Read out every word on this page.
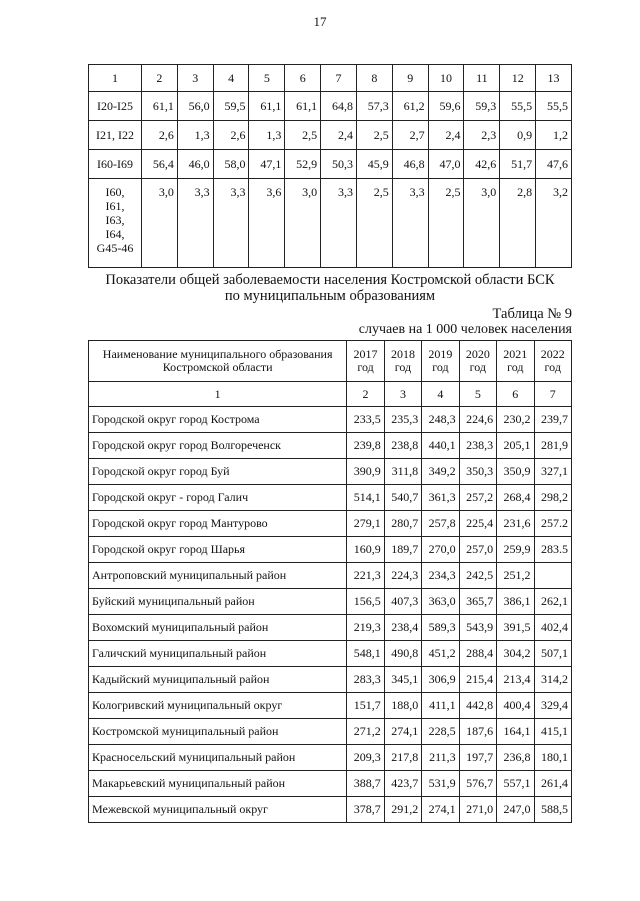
17
1	2	3	4	5	6	7	8	9	10	11	12	13
I20-I25	61,1	56,0	59,5	61,1	61,1	64,8	57,3	61,2	59,6	59,3	55,5	55,5
I21, I22	2,6	1,3	2,6	1,3	2,5	2,4	2,5	2,7	2,4	2,3	0,9	1,2
I60-I69	56,4	46,0	58,0	47,1	52,9	50,3	45,9	46,8	47,0	42,6	51,7	47,6
I60,
I61,
I63,
I64,
G45-46	3,0	3,3	3,3	3,6	3,0	3,3	2,5	3,3	2,5	3,0	2,8	3,2
Показатели общей заболеваемости населения Костромской области БСК
по муниципальным образованиям
Таблица № 9
случаев на 1 000 человек населения
Наименование муниципального образования Костромской области	2017 год	2018 год	2019 год	2020 год	2021 год	2022 год
1	2	3	4	5	6	7
Городской округ город Кострома	233,5	235,3	248,3	224,6	230,2	239,7
Городской округ город Волгореченск	239,8	238,8	440,1	238,3	205,1	281,9
Городской округ город Буй	390,9	311,8	349,2	350,3	350,9	327,1
Городской округ - город Галич	514,1	540,7	361,3	257,2	268,4	298,2
Городской округ город Мантурово	279,1	280,7	257,8	225,4	231,6	257.2
Городской округ город Шарья	160,9	189,7	270,0	257,0	259,9	283.5
Антроповский муниципальный район	221,3	224,3	234,3	242,5	251,2	
Буйский муниципальный район	156,5	407,3	363,0	365,7	386,1	262,1
Вохомский муниципальный район	219,3	238,4	589,3	543,9	391,5	402,4
Галичский муниципальный район	548,1	490,8	451,2	288,4	304,2	507,1
Кадыйский муниципальный район	283,3	345,1	306,9	215,4	213,4	314,2
Кологривский муниципальный округ	151,7	188,0	411,1	442,8	400,4	329,4
Костромской муниципальный район	271,2	274,1	228,5	187,6	164,1	415,1
Красносельский муниципальный район	209,3	217,8	211,3	197,7	236,8	180,1
Макарьевский муниципальный район	388,7	423,7	531,9	576,7	557,1	261,4
Межевской муниципальный округ	378,7	291,2	274,1	271,0	247,0	588,5
